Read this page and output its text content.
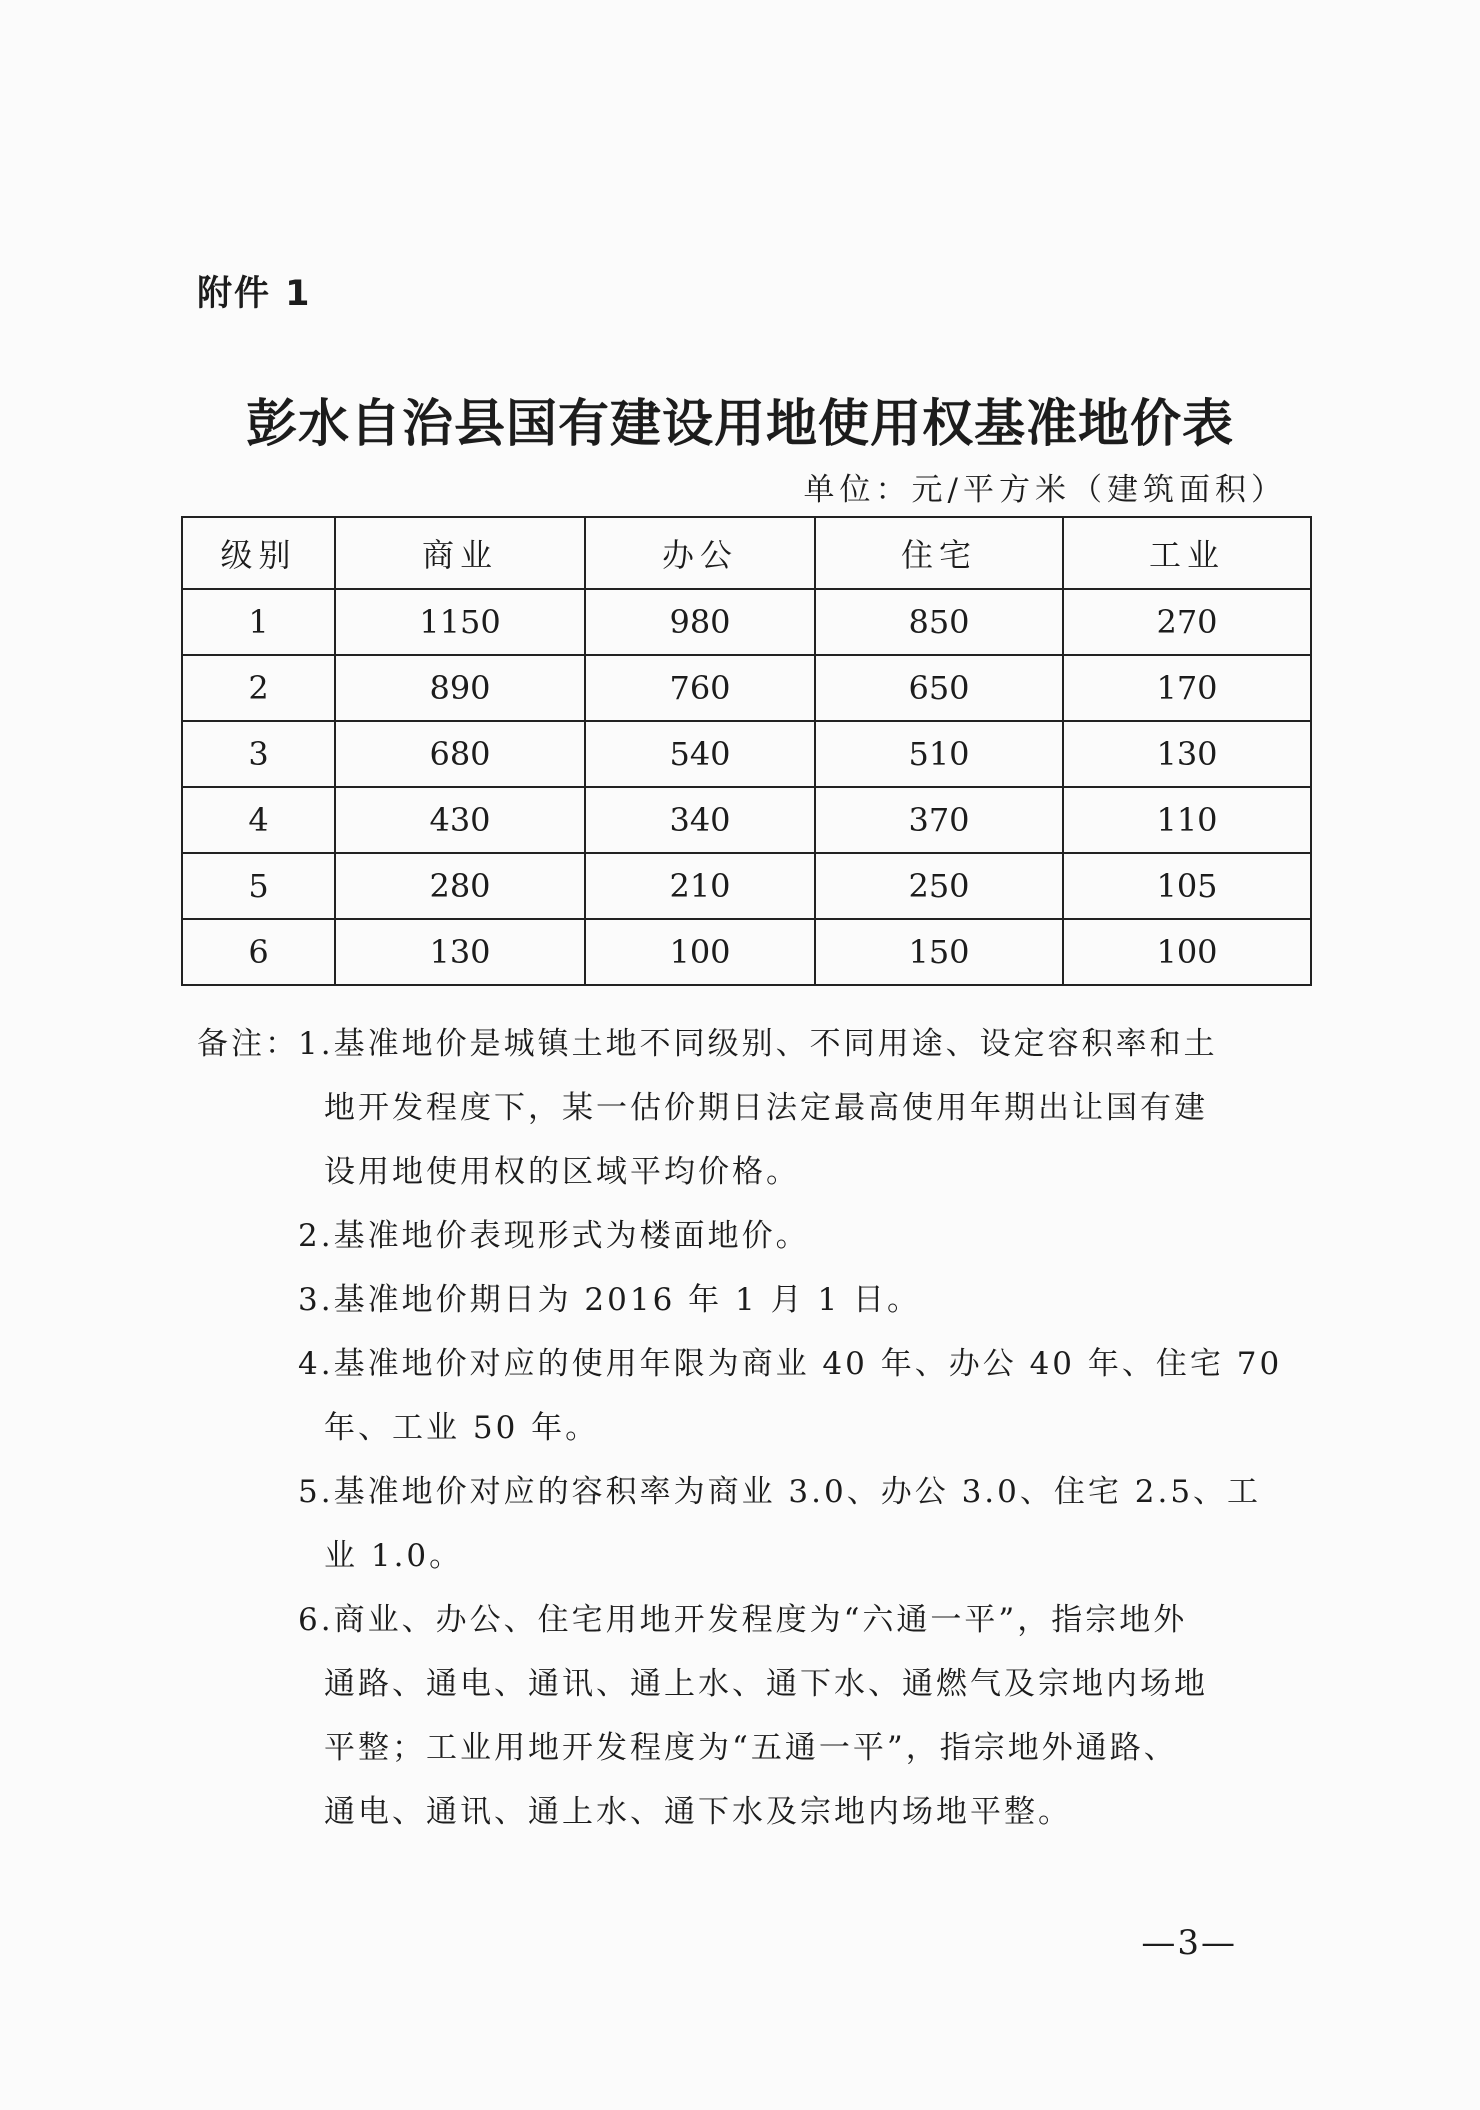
附件 1
彭水自治县国有建设用地使用权基准地价表
单位：元/平方米（建筑面积）
级别	商业	办公	住宅	工业
1	1150	980	850	270
2	890	760	650	170
3	680	540	510	130
4	430	340	370	110
5	280	210	250	105
6	130	100	150	100
备注： 1.基准地价是城镇土地不同级别、不同用途、设定容积率和土
地开发程度下，某一估价期日法定最高使用年期出让国有建
设用地使用权的区域平均价格。
2.基准地价表现形式为楼面地价。
3.基准地价期日为 2016 年 1 月 1 日。
4.基准地价对应的使用年限为商业 40 年、办公 40 年、住宅 70
年、工业 50 年。
5.基准地价对应的容积率为商业 3.0、办公 3.0、住宅 2.5、工
业 1.0。
6.商业、办公、住宅用地开发程度为“六通一平”，指宗地外
通路、通电、通讯、通上水、通下水、通燃气及宗地内场地
平整；工业用地开发程度为“五通一平”，指宗地外通路、
通电、通讯、通上水、通下水及宗地内场地平整。
—3—
